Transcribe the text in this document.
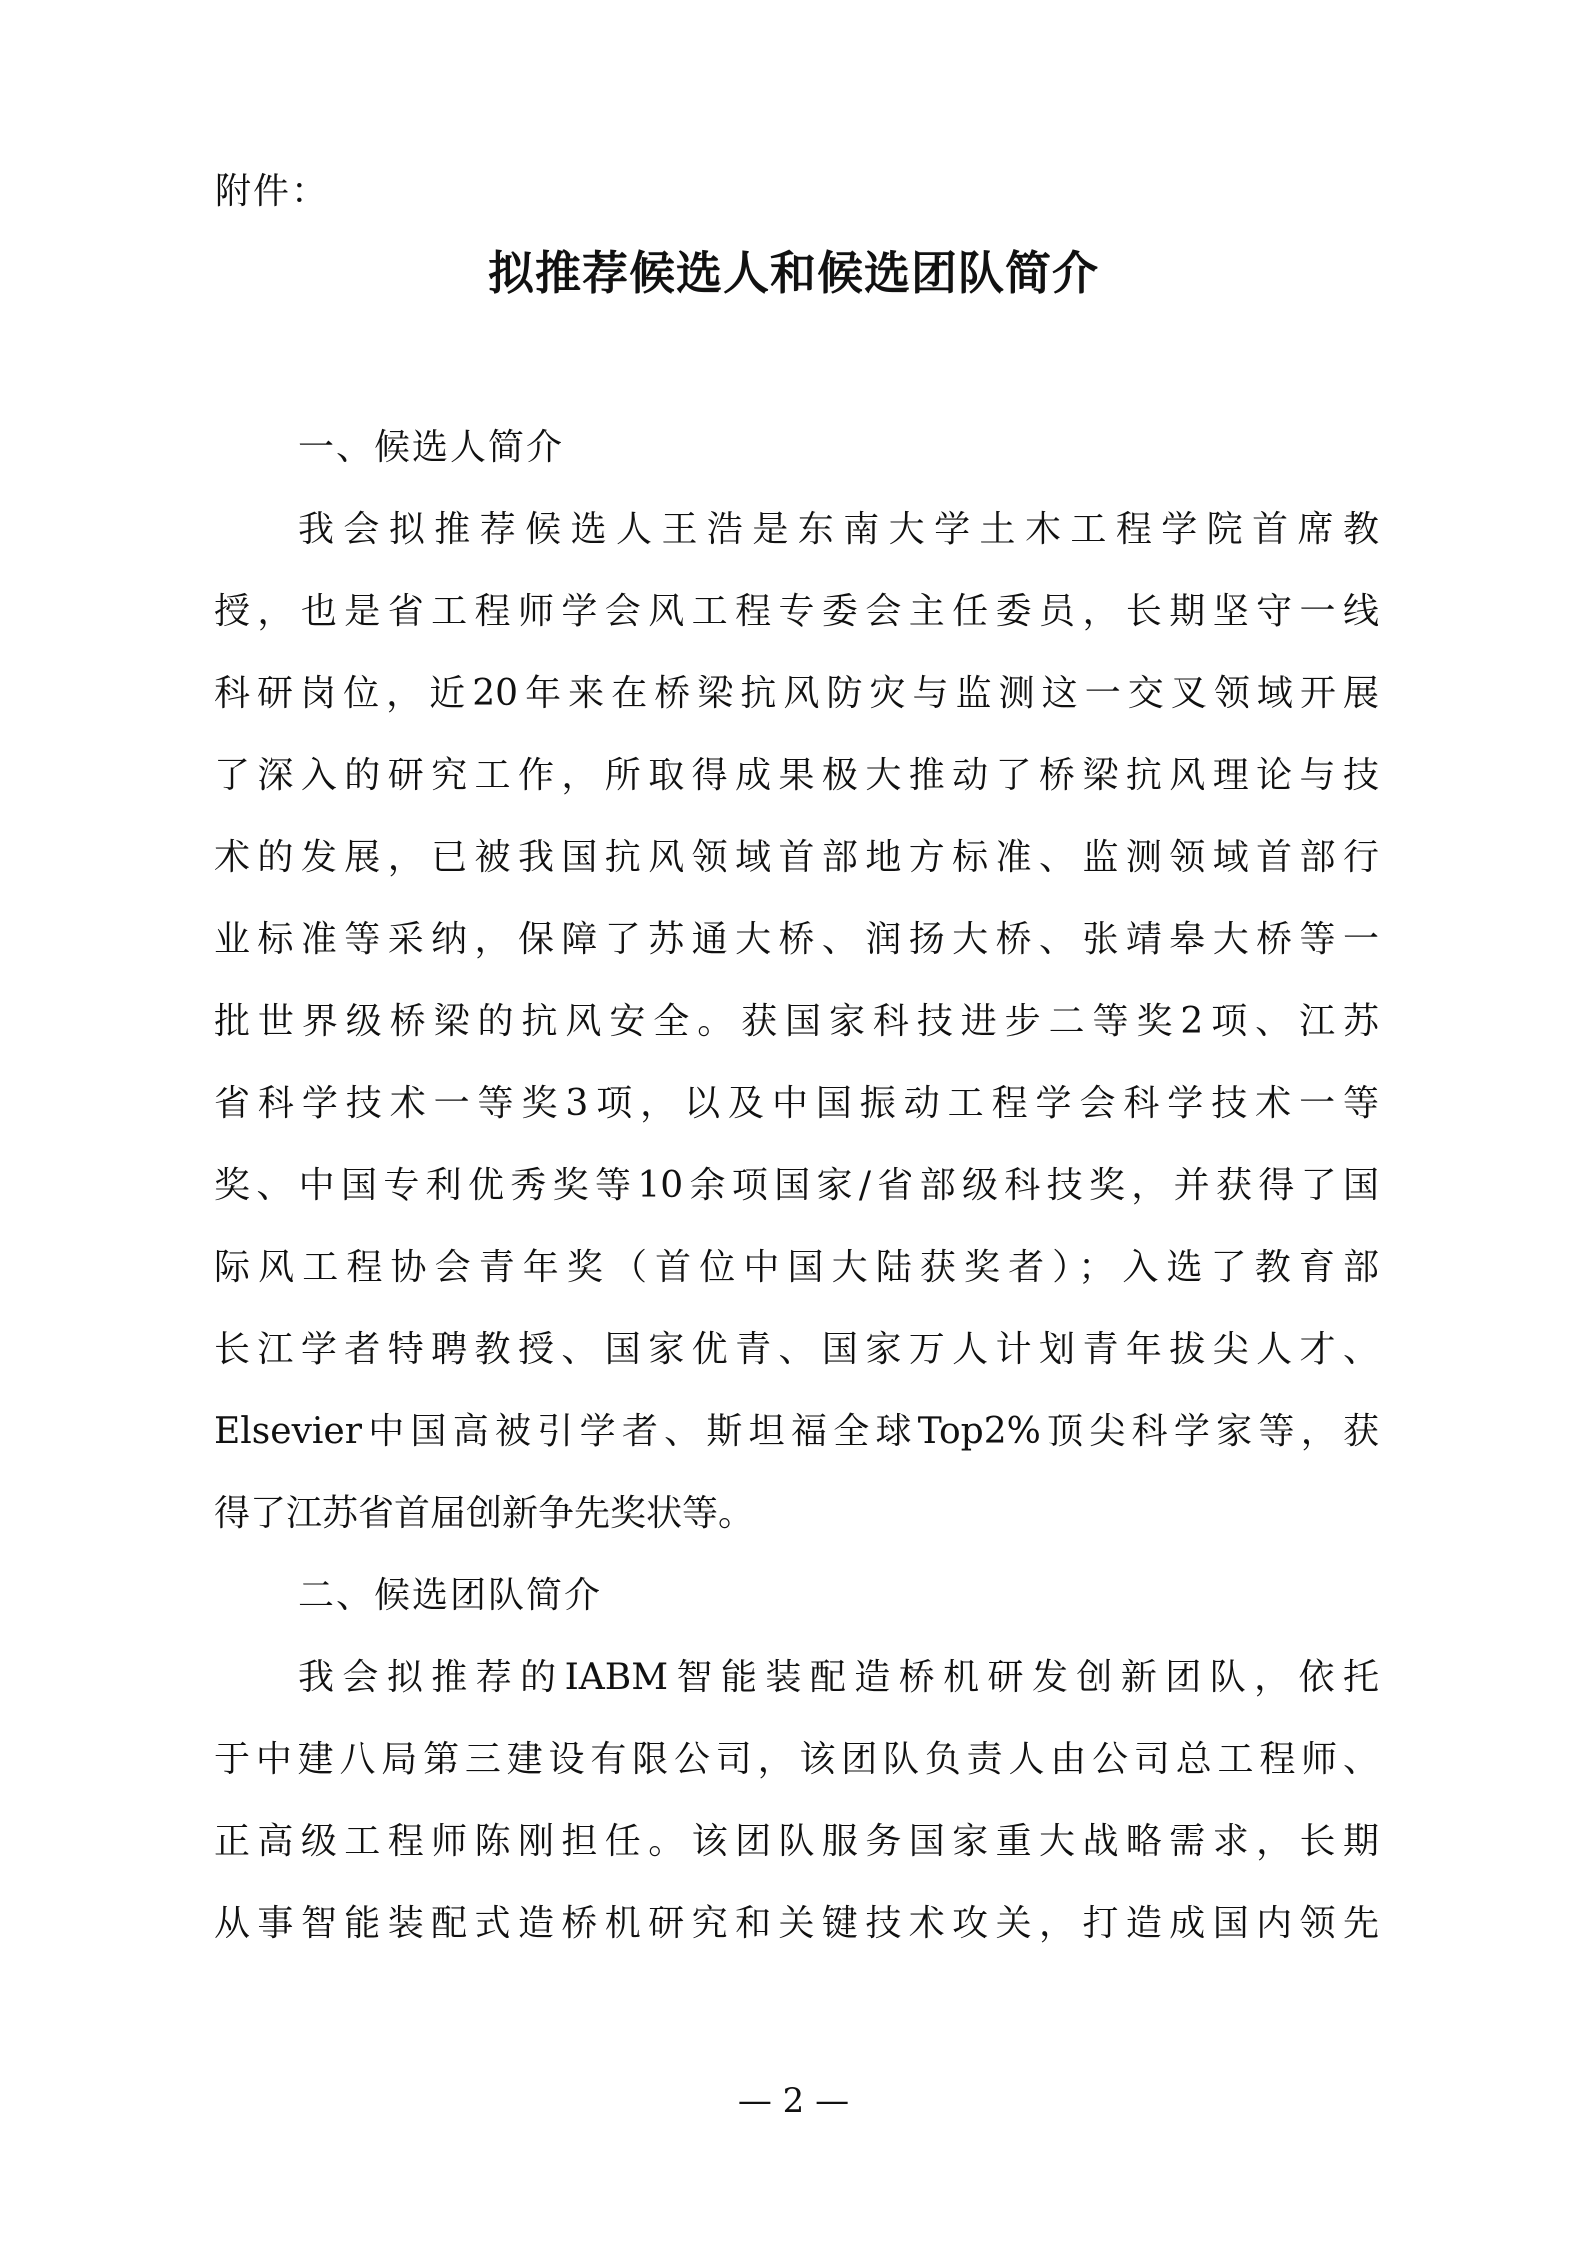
附件：
拟推荐候选人和候选团队简介
一、候选人简介
我会拟推荐候选人王浩是东南大学土木工程学院首席教
授，也是省工程师学会风工程专委会主任委员，长期坚守一线
科研岗位，近20年来在桥梁抗风防灾与监测这一交叉领域开展
了深入的研究工作，所取得成果极大推动了桥梁抗风理论与技
术的发展，已被我国抗风领域首部地方标准、监测领域首部行
业标准等采纳，保障了苏通大桥、润扬大桥、张靖皋大桥等一
批世界级桥梁的抗风安全。获国家科技进步二等奖2项、江苏
省科学技术一等奖3项，以及中国振动工程学会科学技术一等
奖、中国专利优秀奖等10余项国家/省部级科技奖，并获得了国
际风工程协会青年奖（首位中国大陆获奖者）；入选了教育部
长江学者特聘教授、国家优青、国家万人计划青年拔尖人才、
Elsevier中国高被引学者、斯坦福全球Top2%顶尖科学家等，获
得了江苏省首届创新争先奖状等。
二、候选团队简介
我会拟推荐的IABM智能装配造桥机研发创新团队，依托
于中建八局第三建设有限公司，该团队负责人由公司总工程师、
正高级工程师陈刚担任。该团队服务国家重大战略需求，长期
从事智能装配式造桥机研究和关键技术攻关，打造成国内领先
— 2 —
